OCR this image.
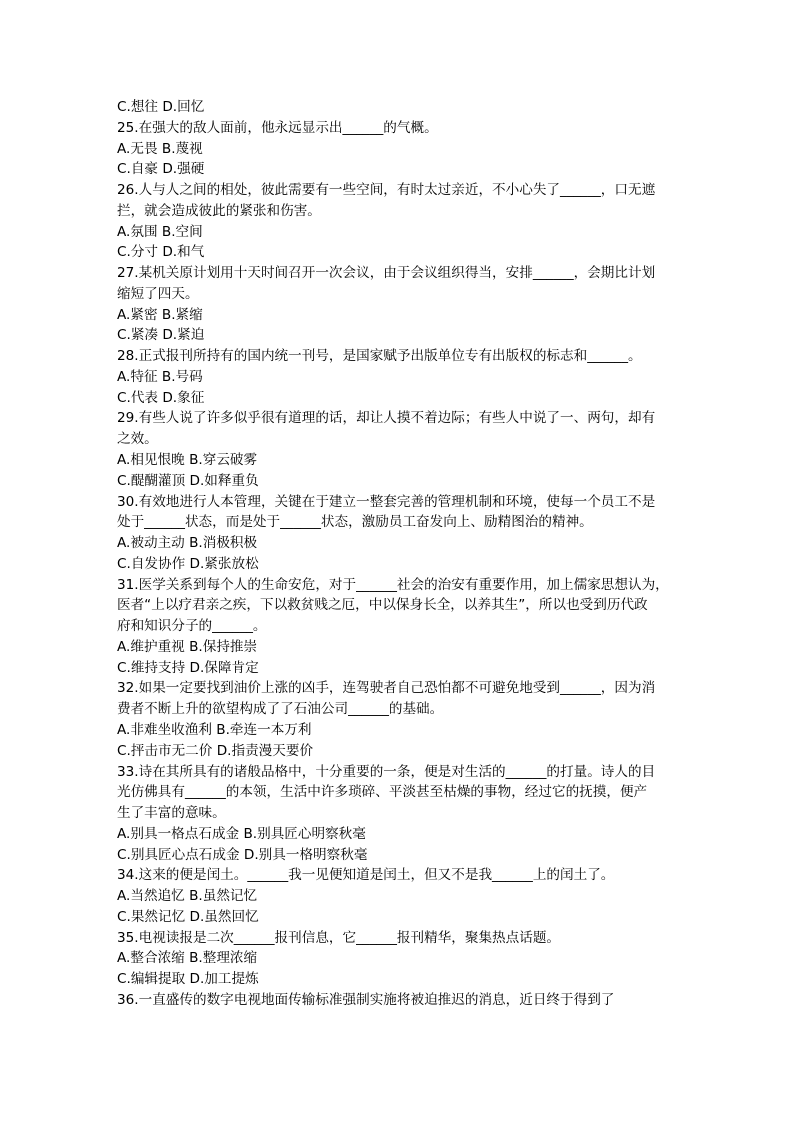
C.想往 D.回忆
25.在强大的敌人面前，他永远显示出______的气概。
A.无畏 B.蔑视
C.自豪 D.强硬
26.人与人之间的相处，彼此需要有一些空间，有时太过亲近，不小心失了______，口无遮
拦，就会造成彼此的紧张和伤害。
A.氛围 B.空间
C.分寸 D.和气
27.某机关原计划用十天时间召开一次会议，由于会议组织得当，安排______，会期比计划
缩短了四天。
A.紧密 B.紧缩
C.紧凑 D.紧迫
28.正式报刊所持有的国内统一刊号，是国家赋予出版单位专有出版权的标志和______。
A.特征 B.号码
C.代表 D.象征
29.有些人说了许多似乎很有道理的话，却让人摸不着边际；有些人中说了一、两句，却有
之效。
A.相见恨晚 B.穿云破雾
C.醍醐灌顶 D.如释重负
30.有效地进行人本管理，关键在于建立一整套完善的管理机制和环境，使每一个员工不是
处于______状态，而是处于______状态，激励员工奋发向上、励精图治的精神。
A.被动主动 B.消极积极
C.自发协作 D.紧张放松
31.医学关系到每个人的生命安危，对于______社会的治安有重要作用，加上儒家思想认为，
医者“上以疗君亲之疾，下以救贫贱之厄，中以保身长全，以养其生”，所以也受到历代政
府和知识分子的______。
A.维护重视 B.保持推崇
C.维持支持 D.保障肯定
32.如果一定要找到油价上涨的凶手，连驾驶者自己恐怕都不可避免地受到______，因为消
费者不断上升的欲望构成了了石油公司______的基础。
A.非难坐收渔利 B.牵连一本万利
C.抨击市无二价 D.指责漫天要价
33.诗在其所具有的诸般品格中，十分重要的一条，便是对生活的______的打量。诗人的目
光仿佛具有______的本领，生活中许多琐碎、平淡甚至枯燥的事物，经过它的抚摸，便产
生了丰富的意味。
A.别具一格点石成金 B.别具匠心明察秋毫
C.别具匠心点石成金 D.别具一格明察秋毫
34.这来的便是闰土。______我一见便知道是闰土，但又不是我______上的闰土了。
A.当然追忆 B.虽然记忆
C.果然记忆 D.虽然回忆
35.电视读报是二次______报刊信息，它______报刊精华，聚集热点话题。
A.整合浓缩 B.整理浓缩
C.编辑提取 D.加工提炼
36.一直盛传的数字电视地面传输标准强制实施将被迫推迟的消息，近日终于得到了
